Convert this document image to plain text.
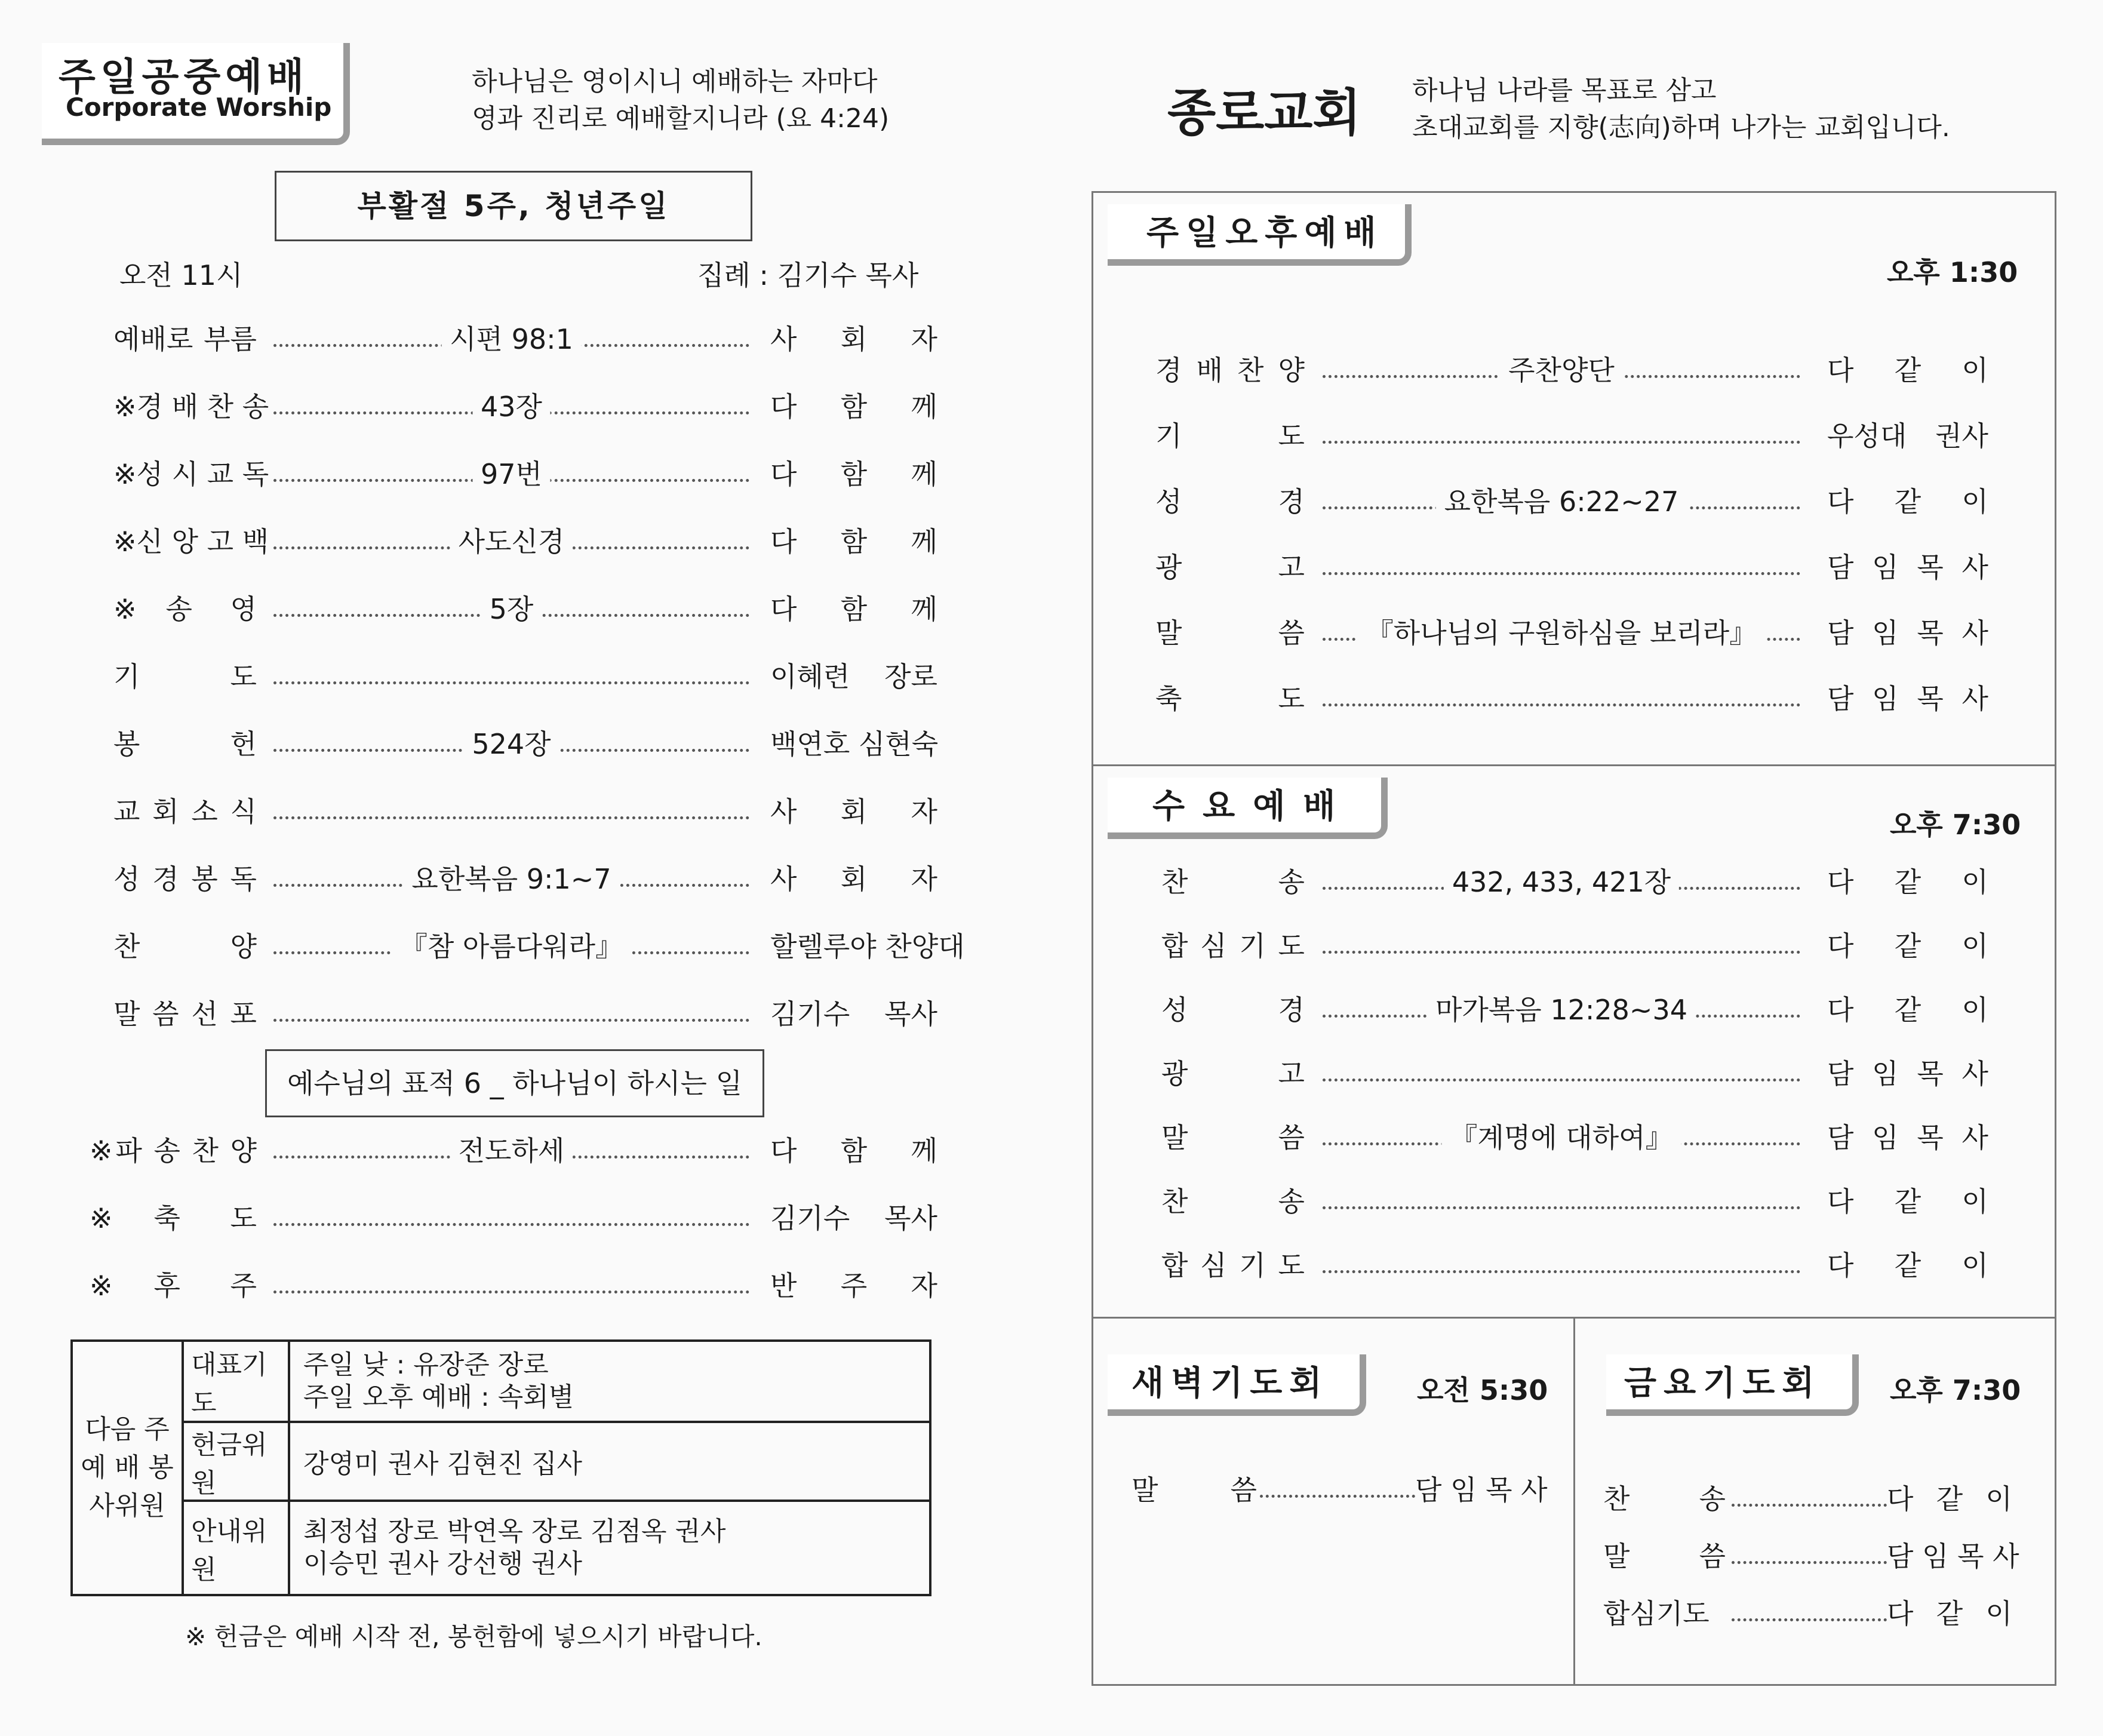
주일공중예배
Corporate Worship
하나님은 영이시니 예배하는 자마다
영과 진리로 예배할지니라 (요 4:24)
부활절 5주, 청년주일
오전 11시	집례 : 김기수 목사
예배로 부름	시편 98:1	사 회 자
※경 배 찬 송	43장	다 함 께
※성 시 교 독	97번	다 함 께
※신 앙 고 백	사도신경	다 함 께
※송 영	5장	다 함 께
기 도	이혜련 장로
봉 헌	524장	백연호 심현숙
교 회 소 식	사 회 자
성 경 봉 독	요한복음 9:1~7	사 회 자
찬 양	『참 아름다워라』	할렐루야 찬양대
말 씀 선 포	김기수 목사
예수님의 표적 6 _ 하나님이 하시는 일
※파 송 찬 양	전도하세	다 함 께
※축 도	김기수 목사
※후 주	반 주 자
다음 주 예 배 봉사위원	대표기도	주일 낮 : 유장준 장로
주일 오후 예배 : 속회별

	헌금위원	강영미 권사 김현진 집사

	안내위원	최정섭 장로 박연옥 장로 김점옥 권사
이승민 권사 강선행 권사
※ 헌금은 예배 시작 전, 봉헌함에 넣으시기 바랍니다.
종로교회 하나님 나라를 목표로 삼고
초대교회를 지향(志向)하며 나가는 교회입니다.
주일오후예배
오후 1:30
경 배 찬 양	주찬양단	다 같 이
기 도	우성대 권사
성 경	요한복음 6:22~27	다 같 이
광 고	담 임 목 사
말 씀	『하나님의 구원하심을 보리라』	담 임 목 사
축 도	담 임 목 사
수요예배	오후 7:30
찬 송	432, 433, 421장	다 같 이
합 심 기 도	다 같 이
성 경	마가복음 12:28~34	다 같 이
광 고	담 임 목 사
말 씀	『계명에 대하여』	담 임 목 사
찬 송	다 같 이
합 심 기 도	다 같 이
새벽기도회	오전 5:30
말 씀	담 임 목 사
금요기도회 오후 7:30
찬 송	다 같 이
말 씀	담 임 목 사
합심기도	다 같 이
